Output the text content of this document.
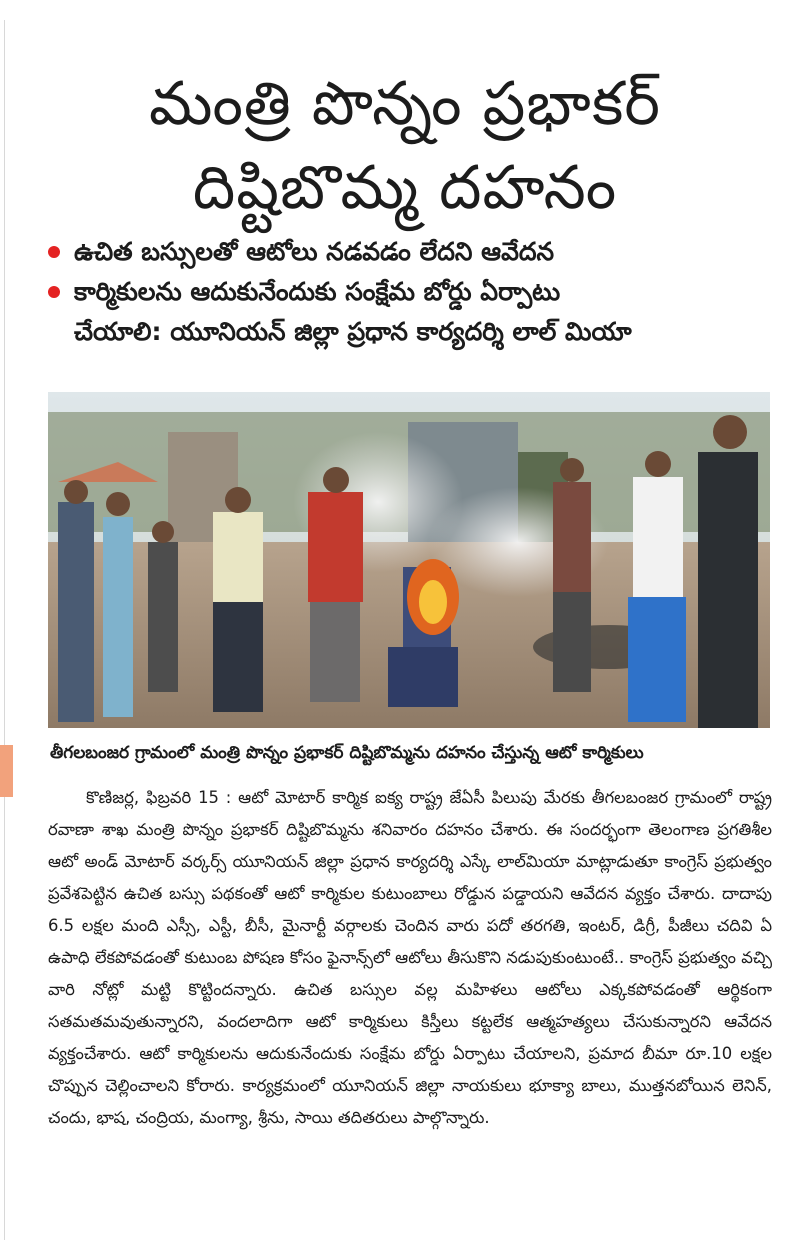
మంత్రి పొన్నం ప్రభాకర్
దిష్టిబొమ్మ దహనం
ఉచిత బస్సులతో ఆటోలు నడవడం లేదని ఆవేదన
కార్మికులను ఆదుకునేందుకు సంక్షేమ బోర్డు ఏర్పాటు
చేయాలి: యూనియన్ జిల్లా ప్రధాన కార్యదర్శి లాల్ మియా
తీగలబంజర గ్రామంలో మంత్రి పొన్నం ప్రభాకర్ దిష్టిబొమ్మను దహనం చేస్తున్న ఆటో కార్మికులు
కొణిజర్ల, ఫిబ్రవరి 15 : ఆటో మోటార్ కార్మిక ఐక్య రాష్ట్ర జేఏసీ పిలుపు మేరకు తీగలబంజర గ్రామంలో రాష్ట్ర రవాణా శాఖ మంత్రి పొన్నం ప్రభాకర్ దిష్టిబొమ్మను శనివారం దహనం చేశారు. ఈ సందర్భంగా తెలంగాణ ప్రగతిశీల ఆటో అండ్ మోటార్ వర్కర్స్ యూనియన్ జిల్లా ప్రధాన కార్యదర్శి ఎస్కే లాల్‌మియా మాట్లాడుతూ కాంగ్రెస్ ప్రభుత్వం ప్రవేశపెట్టిన ఉచిత బస్సు పథకంతో ఆటో కార్మికుల కుటుంబాలు రోడ్డున పడ్డాయని ఆవేదన వ్యక్తం చేశారు. దాదాపు 6.5 లక్షల మంది ఎస్సీ, ఎస్టీ, బీసీ, మైనార్టీ వర్గాలకు చెందిన వారు పదో తరగతి, ఇంటర్, డిగ్రీ, పీజీలు చదివి ఏ ఉపాధి లేకపోవడంతో కుటుంబ పోషణ కోసం ఫైనాన్స్‌లో ఆటోలు తీసుకొని నడుపుకుంటుంటే.. కాంగ్రెస్ ప్రభుత్వం వచ్చి వారి నోట్లో మట్టి కొట్టిందన్నారు. ఉచిత బస్సుల వల్ల మహిళలు ఆటోలు ఎక్కకపోవడంతో ఆర్థికంగా సతమతమవుతున్నారని, వందలాదిగా ఆటో కార్మికులు కిస్తీలు కట్టలేక ఆత్మహత్యలు చేసుకున్నారని ఆవేదన వ్యక్తంచేశారు. ఆటో కార్మికులను ఆదుకునేందుకు సంక్షేమ బోర్డు ఏర్పాటు చేయాలని, ప్రమాద బీమా రూ.10 లక్షల చొప్పున చెల్లించాలని కోరారు. కార్యక్రమంలో యూనియన్ జిల్లా నాయకులు భూక్యా బాలు, ముత్తనబోయిన లెనిన్, చందు, భాష, చంద్రియ, మంగ్యా, శ్రీను, సాయి తదితరులు పాల్గొన్నారు.
